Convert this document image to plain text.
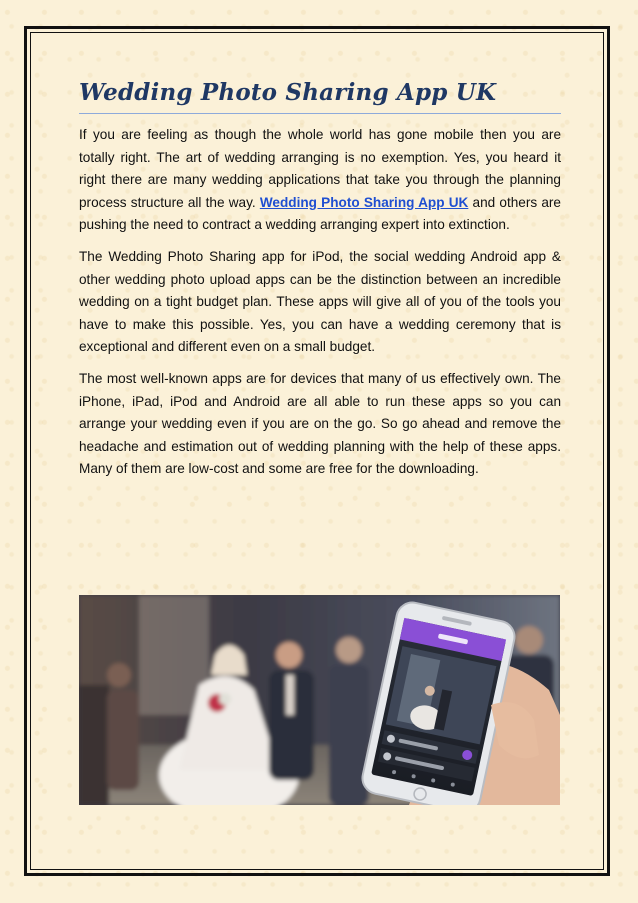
Wedding Photo Sharing App UK

If you are feeling as though the whole world has gone mobile then you are totally right. The art of wedding arranging is no exemption. Yes, you heard it right there are many wedding applications that take you through the planning process structure all the way. Wedding Photo Sharing App UK and others are pushing the need to contract a wedding arranging expert into extinction.

The Wedding Photo Sharing app for iPod, the social wedding Android app & other wedding photo upload apps can be the distinction between an incredible wedding on a tight budget plan. These apps will give all of you of the tools you have to make this possible. Yes, you can have a wedding ceremony that is exceptional and different even on a small budget.

The most well-known apps are for devices that many of us effectively own. The iPhone, iPad, iPod and Android are all able to run these apps so you can arrange your wedding even if you are on the go. So go ahead and remove the headache and estimation out of wedding planning with the help of these apps. Many of them are low-cost and some are free for the downloading.
